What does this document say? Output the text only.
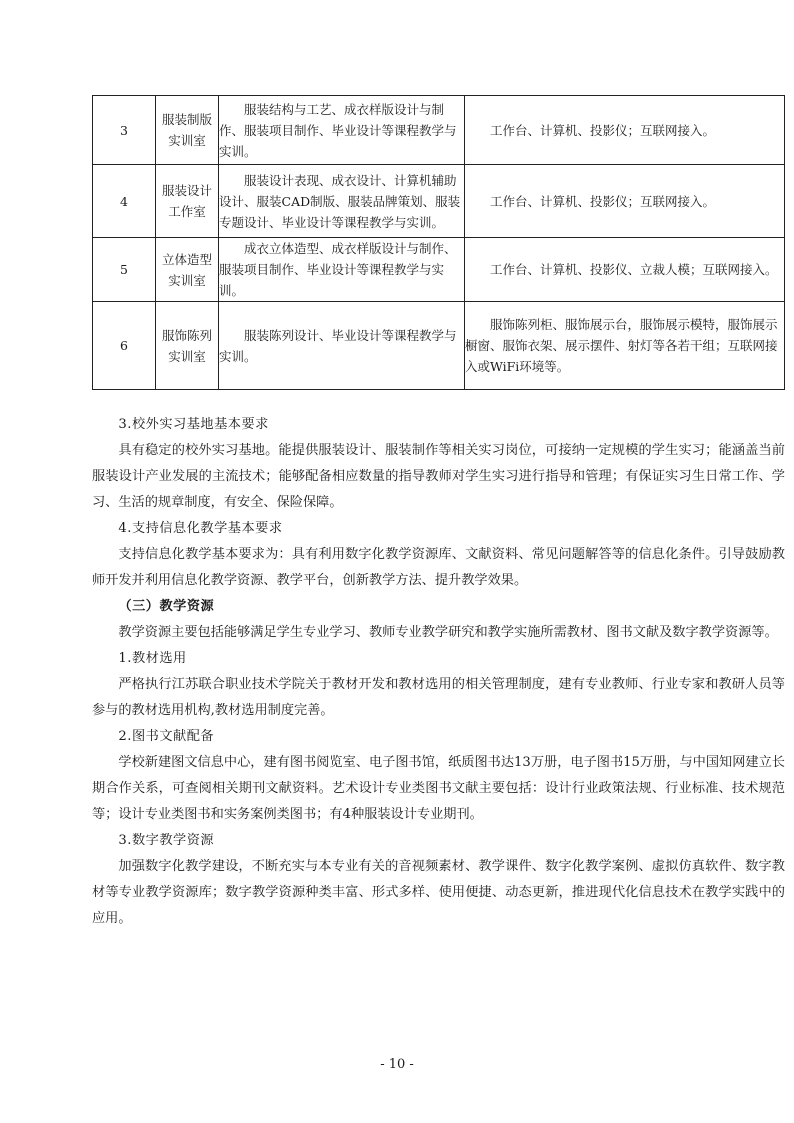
3	服装制版实训室	服装结构与工艺、成衣样版设计与制作、服装项目制作、毕业设计等课程教学与实训。	工作台、计算机、投影仪；互联网接入。
4	服装设计工作室	服装设计表现、成衣设计、计算机辅助设计、服装CAD制版、服装品牌策划、服装专题设计、毕业设计等课程教学与实训。	工作台、计算机、投影仪；互联网接入。
5	立体造型实训室	成衣立体造型、成衣样版设计与制作、服装项目制作、毕业设计等课程教学与实训。	工作台、计算机、投影仪、立裁人模；互联网接入。
6	服饰陈列实训室	服装陈列设计、毕业设计等课程教学与实训。	服饰陈列柜、服饰展示台，服饰展示模特，服饰展示橱窗、服饰衣架、展示摆件、射灯等各若干组；互联网接入或WiFi环境等。

3.校外实习基地基本要求

具有稳定的校外实习基地。能提供服装设计、服装制作等相关实习岗位，可接纳一定规模的学生实习；能涵盖当前服装设计产业发展的主流技术；能够配备相应数量的指导教师对学生实习进行指导和管理；有保证实习生日常工作、学习、生活的规章制度，有安全、保险保障。

4.支持信息化教学基本要求

支持信息化教学基本要求为：具有利用数字化教学资源库、文献资料、常见问题解答等的信息化条件。引导鼓励教师开发并利用信息化教学资源、教学平台，创新教学方法、提升教学效果。

（三）教学资源

教学资源主要包括能够满足学生专业学习、教师专业教学研究和教学实施所需教材、图书文献及数字教学资源等。

1.教材选用

严格执行江苏联合职业技术学院关于教材开发和教材选用的相关管理制度，建有专业教师、行业专家和教研人员等参与的教材选用机构,教材选用制度完善。

2.图书文献配备

学校新建图文信息中心，建有图书阅览室、电子图书馆，纸质图书达13万册，电子图书15万册，与中国知网建立长期合作关系，可查阅相关期刊文献资料。艺术设计专业类图书文献主要包括：设计行业政策法规、行业标准、技术规范等；设计专业类图书和实务案例类图书；有4种服装设计专业期刊。

3.数字教学资源

加强数字化教学建设，不断充实与本专业有关的音视频素材、教学课件、数字化教学案例、虚拟仿真软件、数字教材等专业教学资源库；数字教学资源种类丰富、形式多样、使用便捷、动态更新，推进现代化信息技术在教学实践中的应用。

- 10 -
